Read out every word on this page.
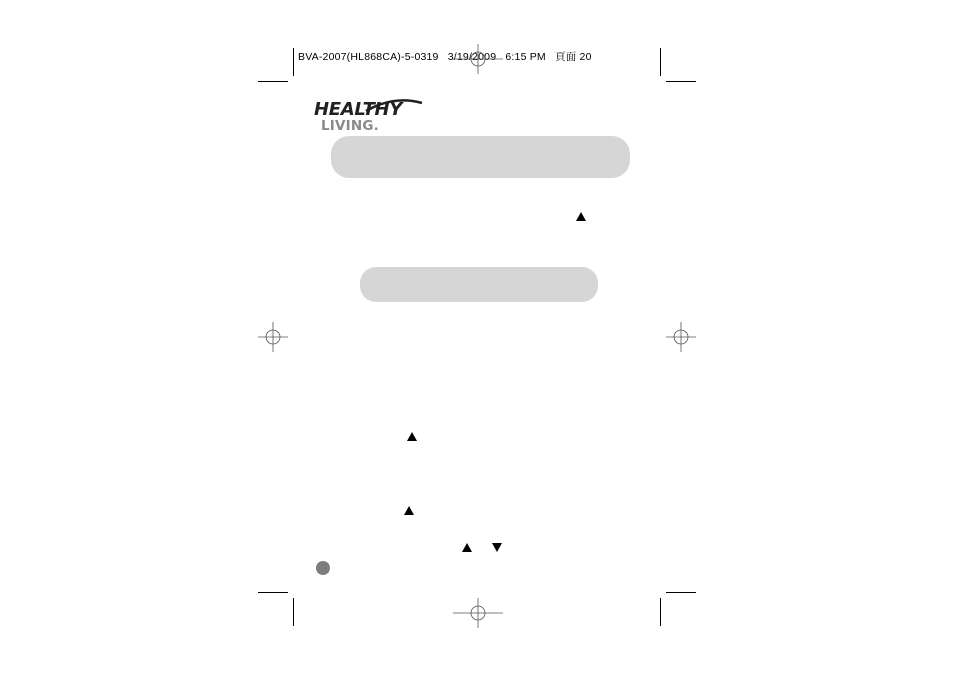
BVA-2007(HL868CA)-5-0319 3/19/2009 6:15 PM 頁面 20
HEALTHY
LIVING.
